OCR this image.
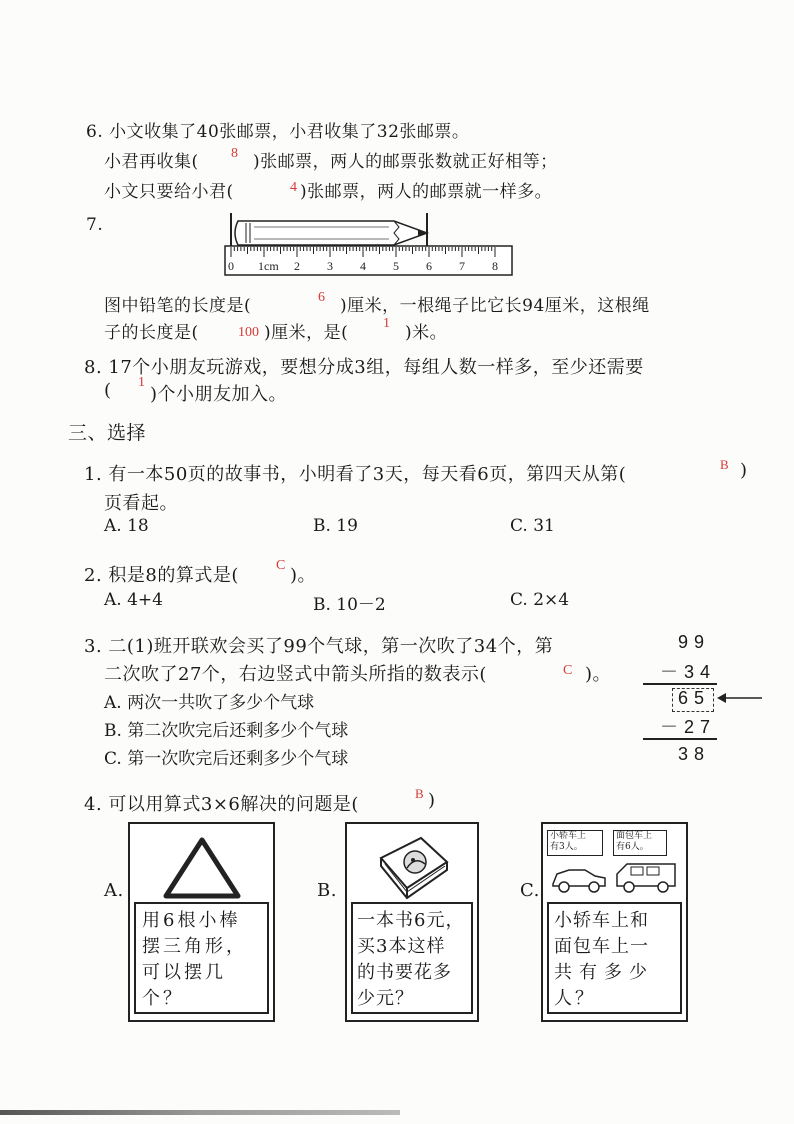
6. 小文收集了40张邮票，小君收集了32张邮票。
小君再收集( 8 )张邮票，两人的邮票张数就正好相等；
小文只要给小君(	4 )张邮票，两人的邮票就一样多。
7.
0 1cm 2 3 4 5 6 7 8
图中铅笔的长度是(	6 )厘米，一根绳子比它长94厘米，这根绳
子的长度是(	100 )厘米，是( 1 )米。
8. 17个小朋友玩游戏，要想分成3组，每组人数一样多，至少还需要
( 1
)个小朋友加入。
三、选择
1. 有一本50页的故事书，小明看了3天，每天看6页，第四天从第(	B )
页看起。
A. 18	B. 19	C. 31
2. 积是8的算式是(	C )。
A. 4+4	B. 10－2	C. 2×4
3. 二(1)班开联欢会买了99个气球，第一次吹了34个，第
二次吹了27个，右边竖式中箭头所指的数表示(	C )。
A. 两次一共吹了多少个气球
B. 第二次吹完后还剩多少个气球
C. 第一次吹完后还剩多少个气球
99
－34
65
－27
38
4. 可以用算式3×6解决的问题是(
B )
A.
用6根小棒
摆三角形，
可以摆几
个？
B.
一本书6元，
买3本这样
的书要花多
少元？
C.
小轿车上
有3人。
面包车上
有6人。
小轿车上和
面包车上一
共有多少
人？
